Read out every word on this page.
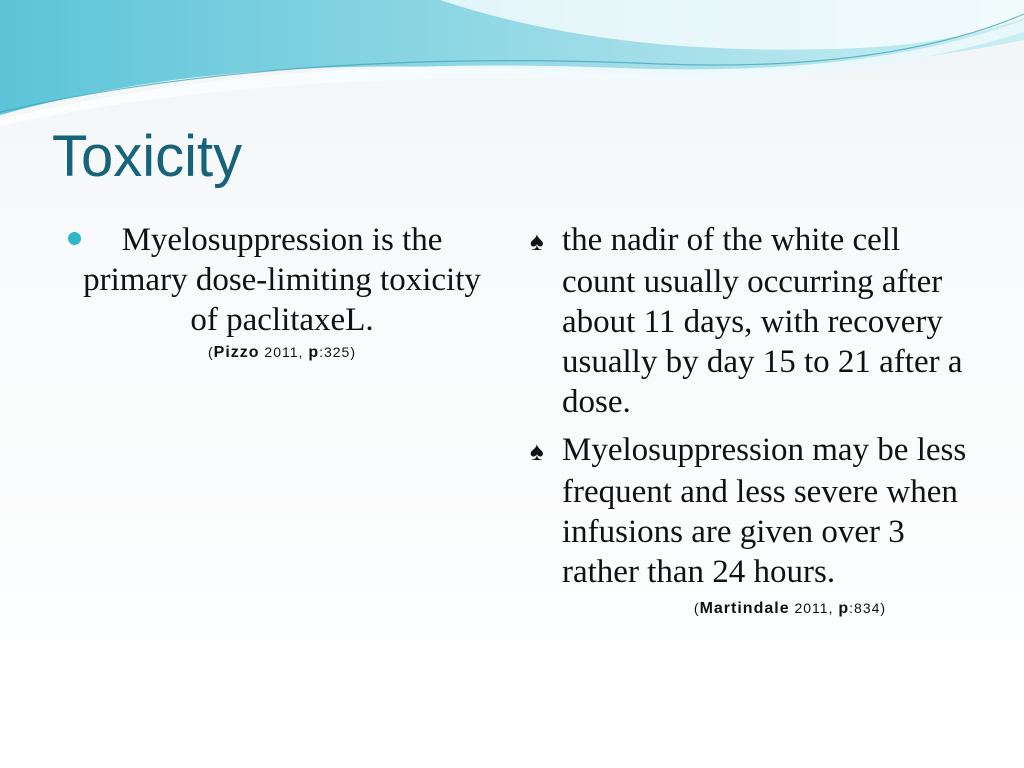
Toxicity
Myelosuppression is the primary dose-limiting toxicity of paclitaxeL.
(Pizzo 2011, p:325)
♠ the nadir of the white cell count usually occurring after about 11 days, with recovery usually by day 15 to 21 after a dose.
♠ Myelosuppression may be less frequent and less severe when infusions are given over 3 rather than 24 hours.
(Martindale 2011, p:834)
